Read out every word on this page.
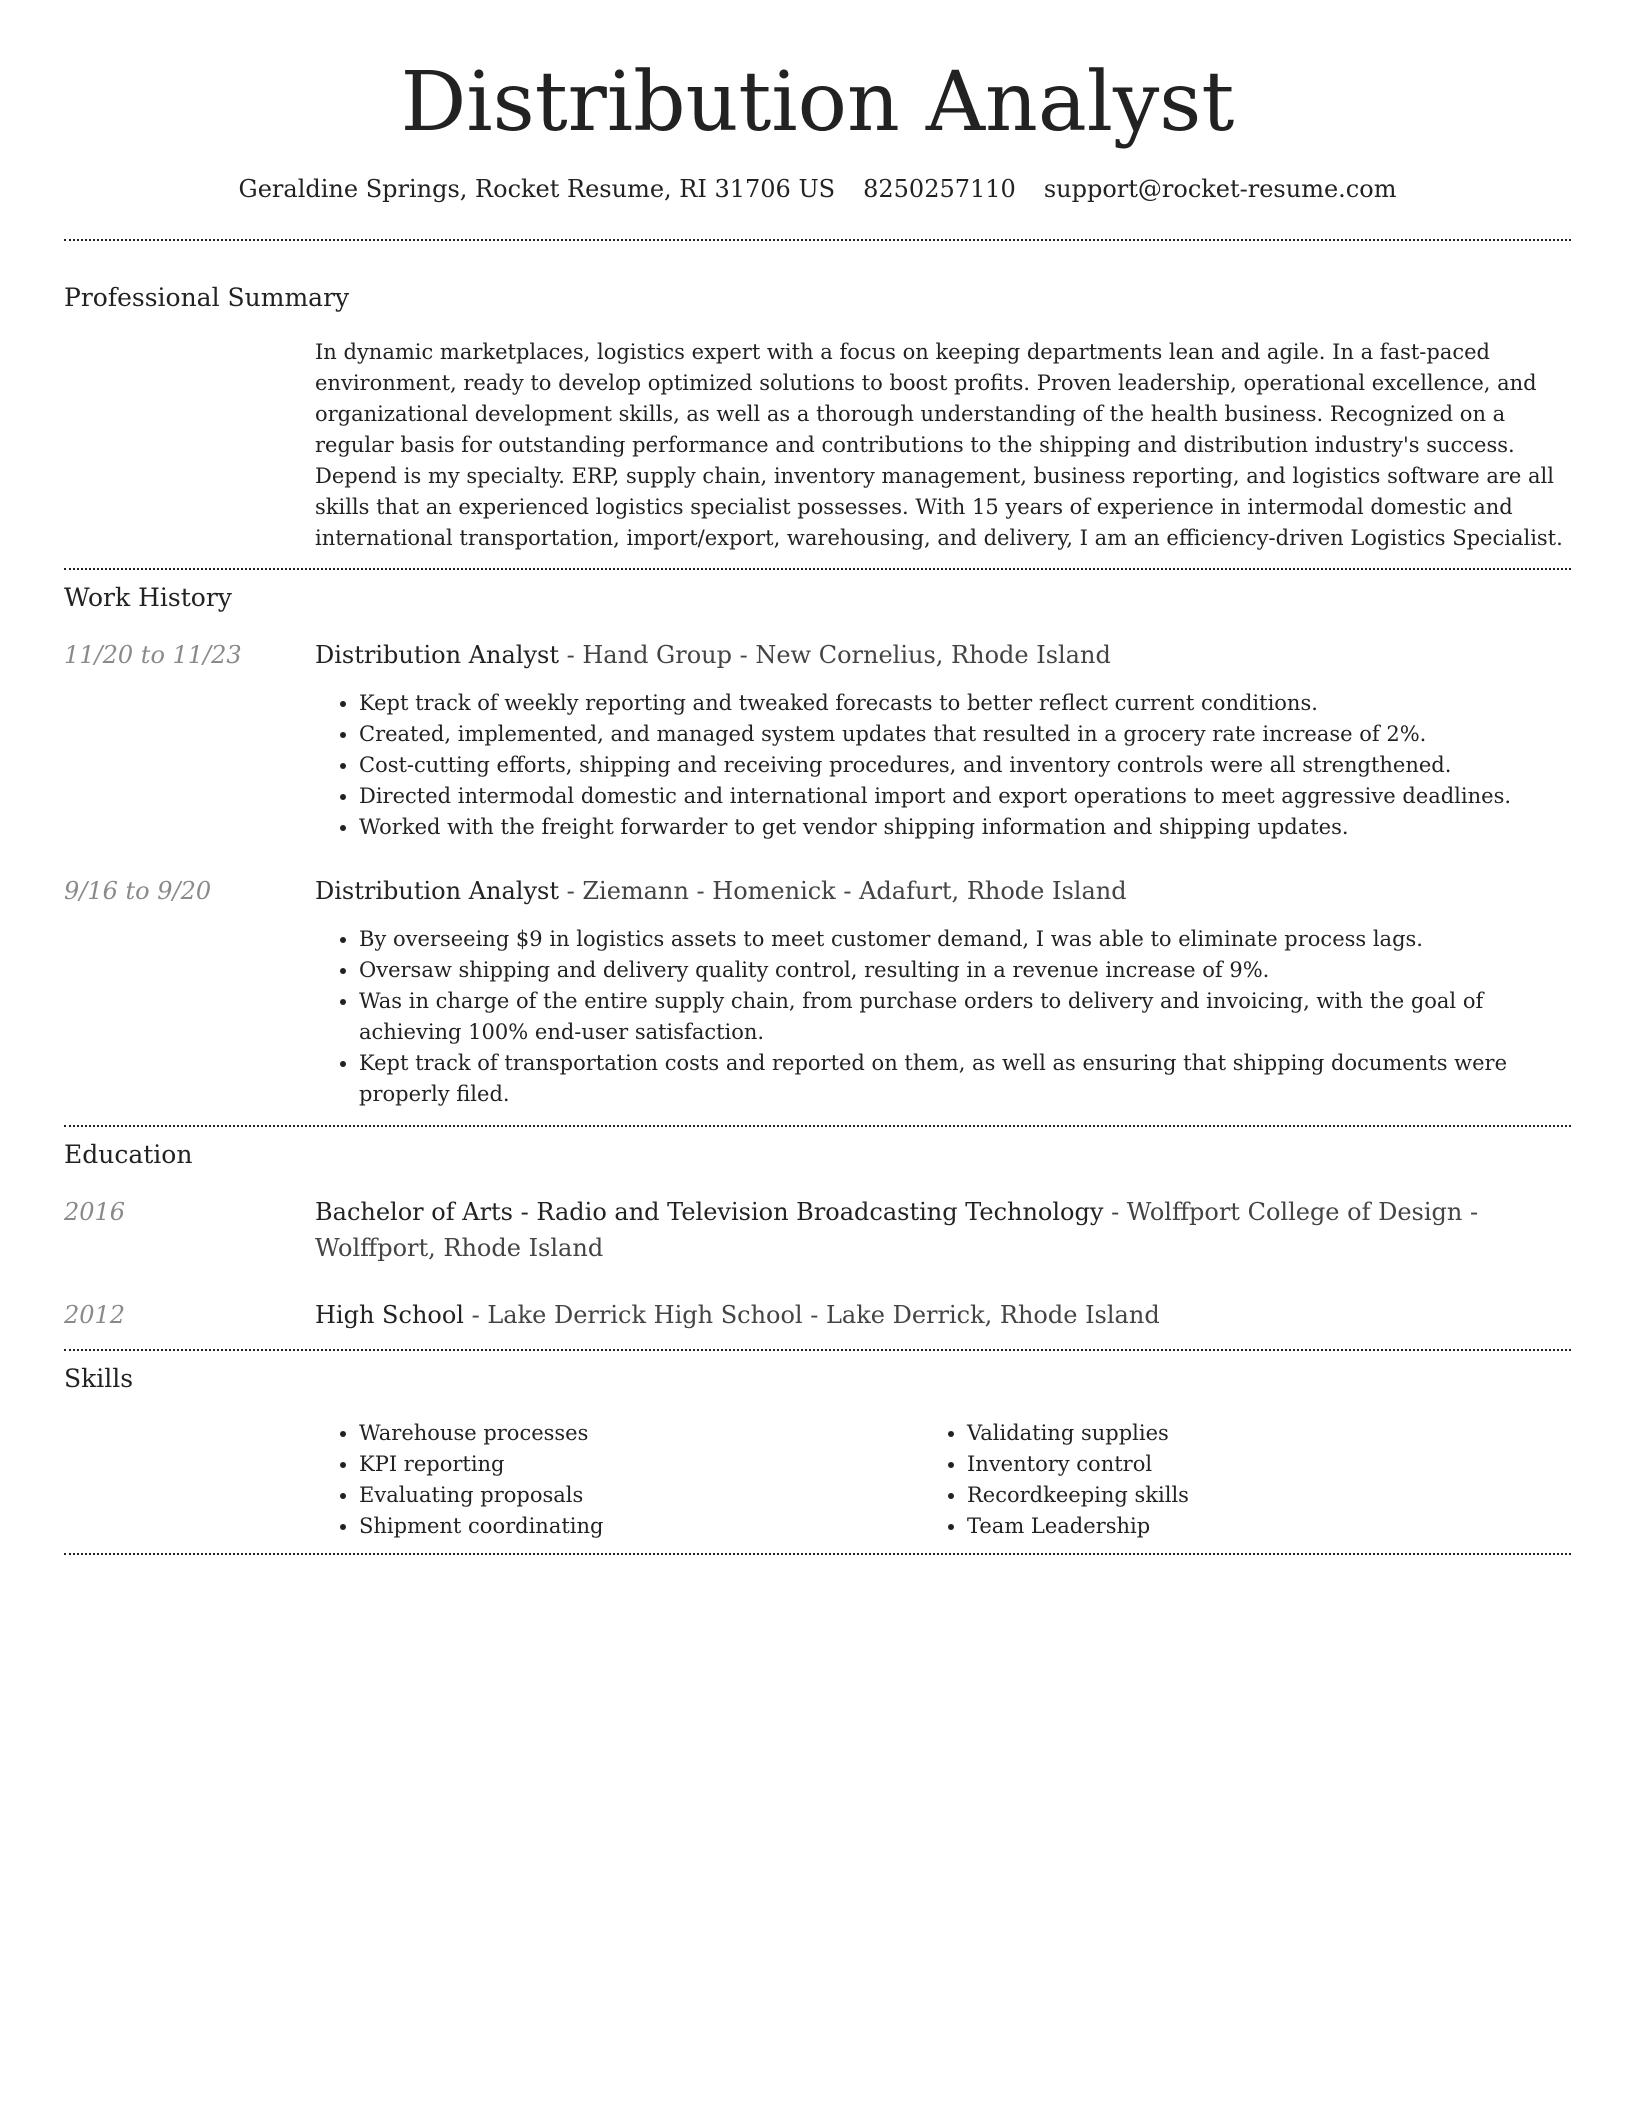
Distribution Analyst
Geraldine Springs, Rocket Resume, RI 31706 US 8250257110 support@rocket-resume.com
Professional Summary

In dynamic marketplaces, logistics expert with a focus on keeping departments lean and agile. In a fast-paced environment, ready to develop optimized solutions to boost profits. Proven leadership, operational excellence, and organizational development skills, as well as a thorough understanding of the health business. Recognized on a regular basis for outstanding performance and contributions to the shipping and distribution industry's success. Depend is my specialty. ERP, supply chain, inventory management, business reporting, and logistics software are all skills that an experienced logistics specialist possesses. With 15 years of experience in intermodal domestic and international transportation, import/export, warehousing, and delivery, I am an efficiency-driven Logistics Specialist.

Work History
11/20 to 11/23	Distribution Analyst - Hand Group - New Cornelius, Rhode Island
• Kept track of weekly reporting and tweaked forecasts to better reflect current conditions.
• Created, implemented, and managed system updates that resulted in a grocery rate increase of 2%.
• Cost-cutting efforts, shipping and receiving procedures, and inventory controls were all strengthened.
• Directed intermodal domestic and international import and export operations to meet aggressive deadlines.
• Worked with the freight forwarder to get vendor shipping information and shipping updates.
9/16 to 9/20	Distribution Analyst - Ziemann - Homenick - Adafurt, Rhode Island
• By overseeing $9 in logistics assets to meet customer demand, I was able to eliminate process lags.
• Oversaw shipping and delivery quality control, resulting in a revenue increase of 9%.
• Was in charge of the entire supply chain, from purchase orders to delivery and invoicing, with the goal of achieving 100% end-user satisfaction.
• Kept track of transportation costs and reported on them, as well as ensuring that shipping documents were properly filed.
Education
2016	Bachelor of Arts - Radio and Television Broadcasting Technology - Wolffport College of Design - Wolffport, Rhode Island
2012	High School - Lake Derrick High School - Lake Derrick, Rhode Island
Skills
• Warehouse processes
• KPI reporting
• Evaluating proposals
• Shipment coordinating
• Validating supplies
• Inventory control
• Recordkeeping skills
• Team Leadership
